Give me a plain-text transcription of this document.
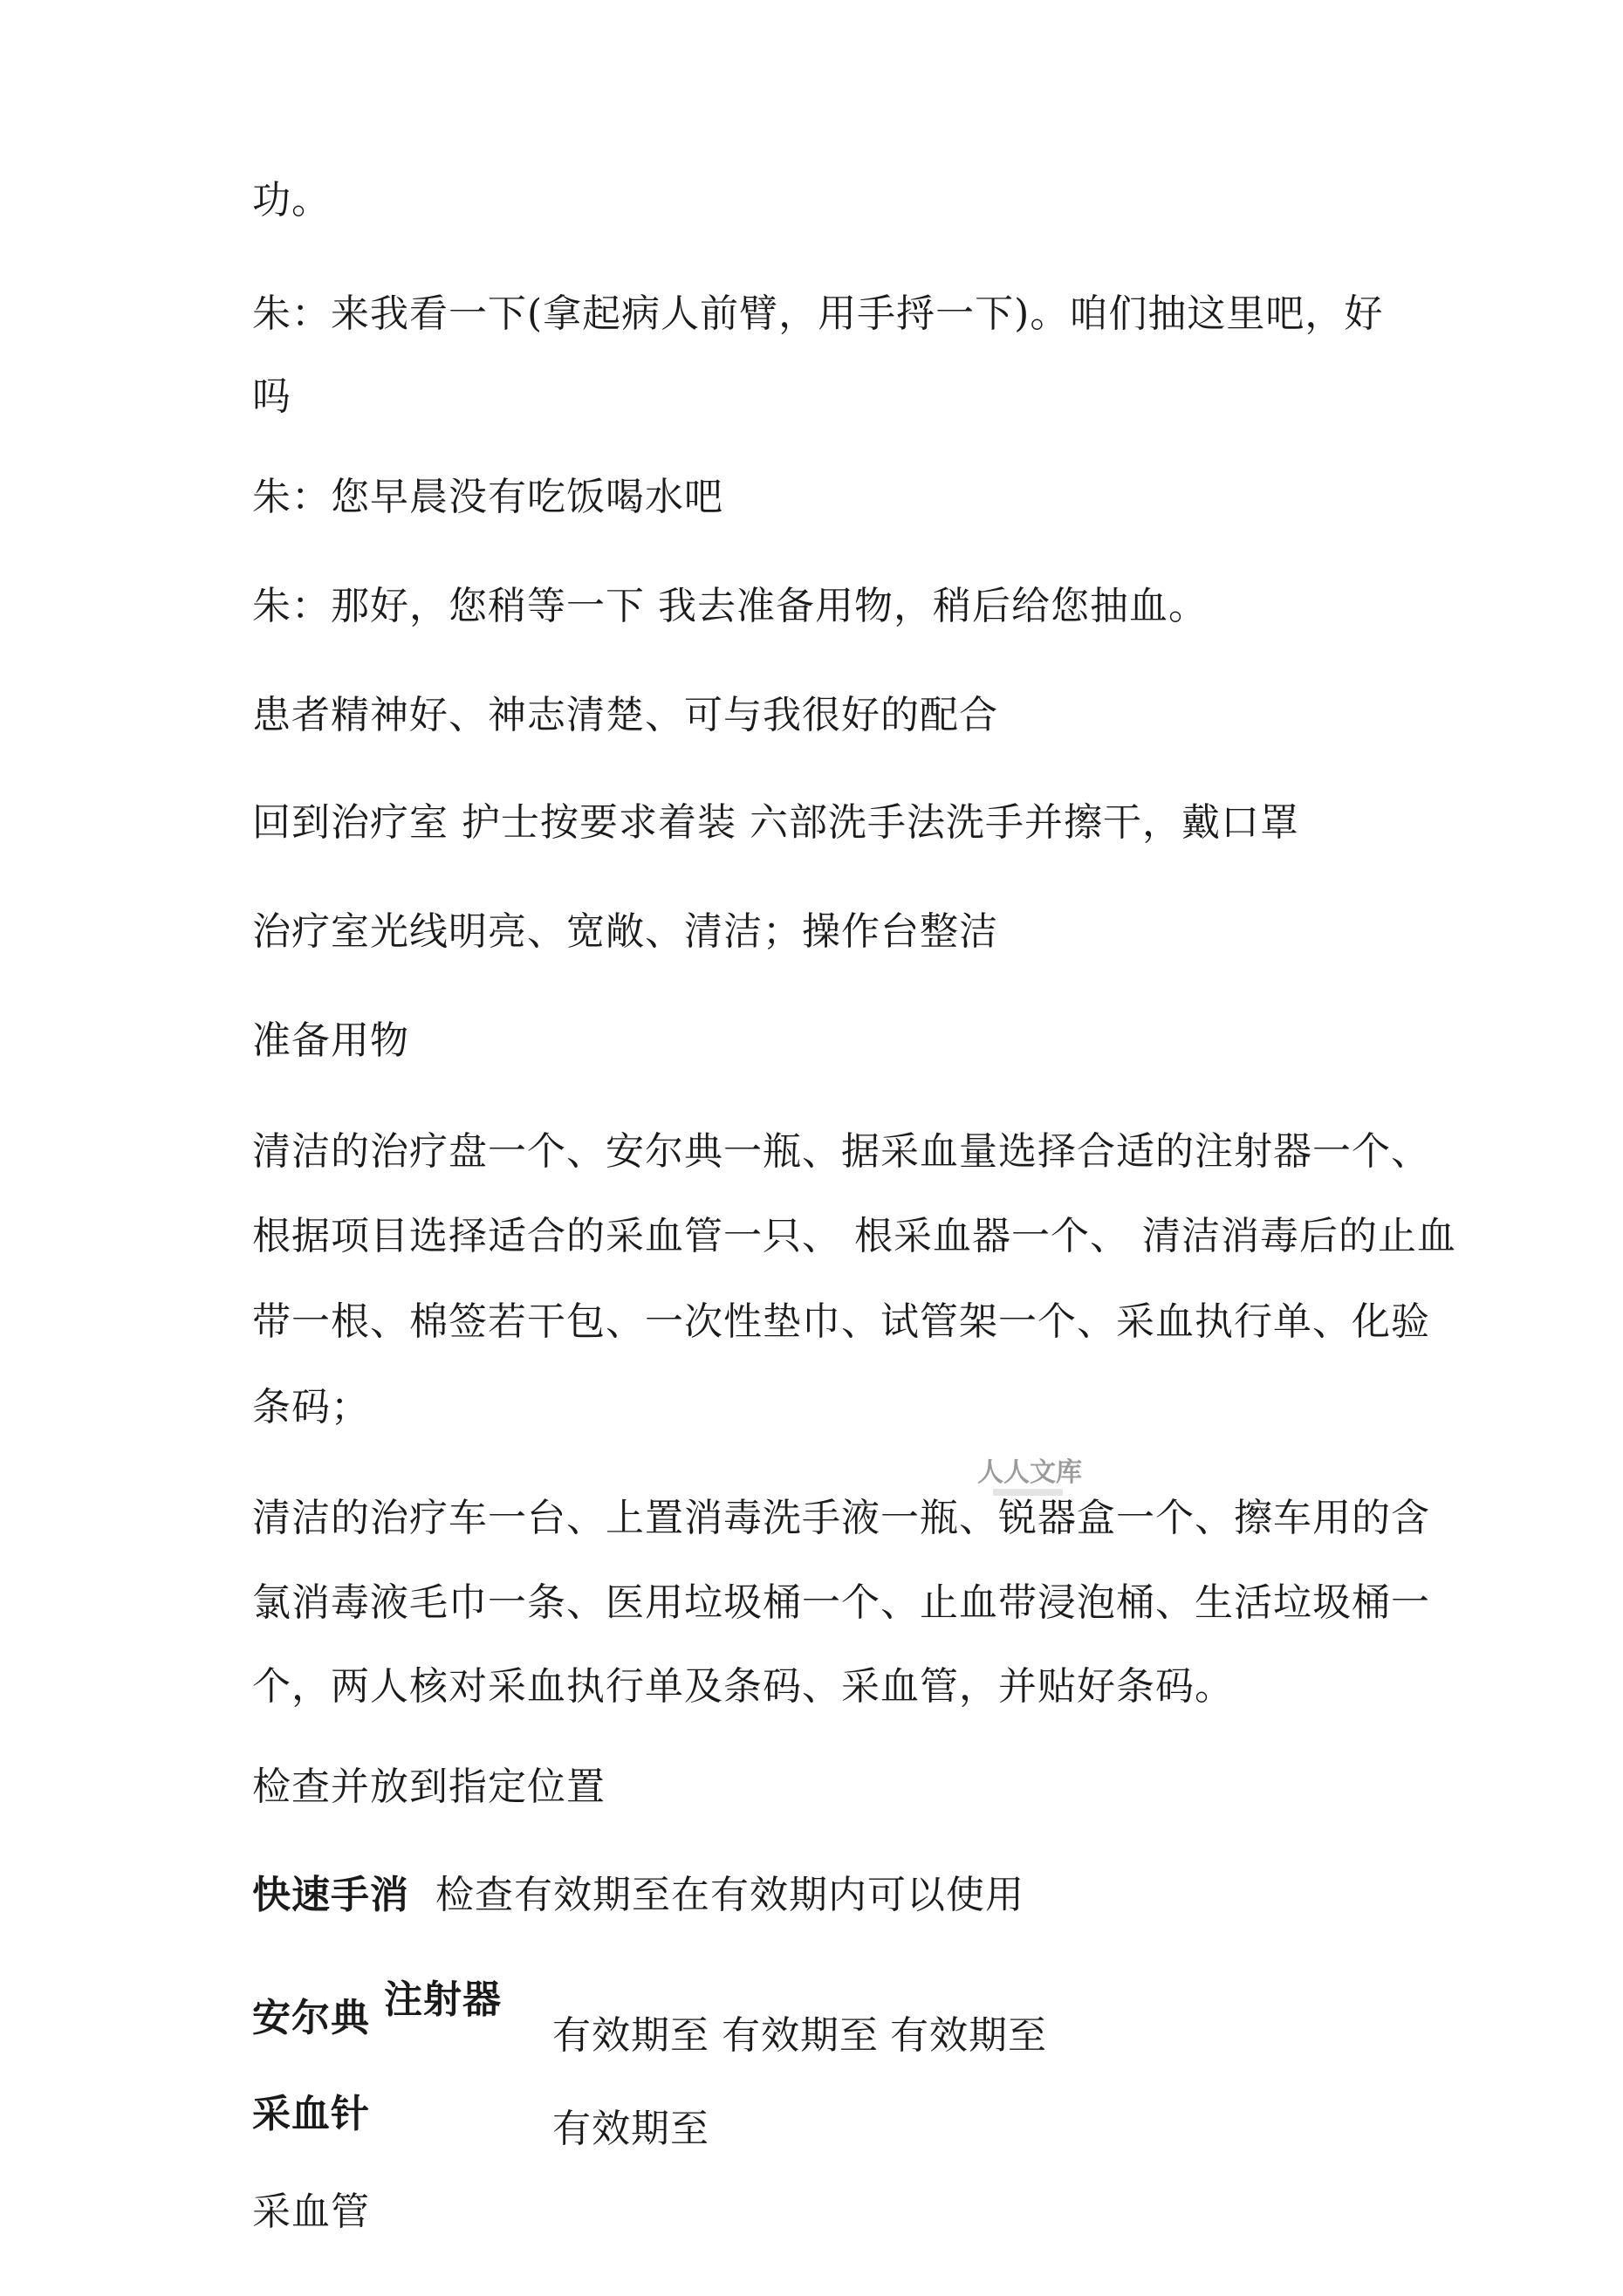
功。

朱：来我看一下(拿起病人前臂，用手捋一下)。咱们抽这里吧，好

吗

朱：您早晨没有吃饭喝水吧

朱：那好，您稍等一下 我去准备用物，稍后给您抽血。

患者精神好、神志清楚、可与我很好的配合

回到治疗室 护士按要求着装 六部洗手法洗手并擦干，戴口罩

治疗室光线明亮、宽敞、清洁；操作台整洁

准备用物

清洁的治疗盘一个、安尔典一瓶、据采血量选择合适的注射器一个、

根据项目选择适合的采血管一只、 根采血器一个、 清洁消毒后的止血

带一根、棉签若干包、一次性垫巾、试管架一个、采血执行单、化验

条码；

清洁的治疗车一台、上置消毒洗手液一瓶、锐器盒一个、擦车用的含

氯消毒液毛巾一条、医用垃圾桶一个、止血带浸泡桶、生活垃圾桶一

个，两人核对采血执行单及条码、采血管，并贴好条码。

检查并放到指定位置

快速手消 检查有效期至在有效期内可以使用

安尔典 注射器

有效期至 有效期至 有效期至

采血针	有效期至

采血管

人人文库
